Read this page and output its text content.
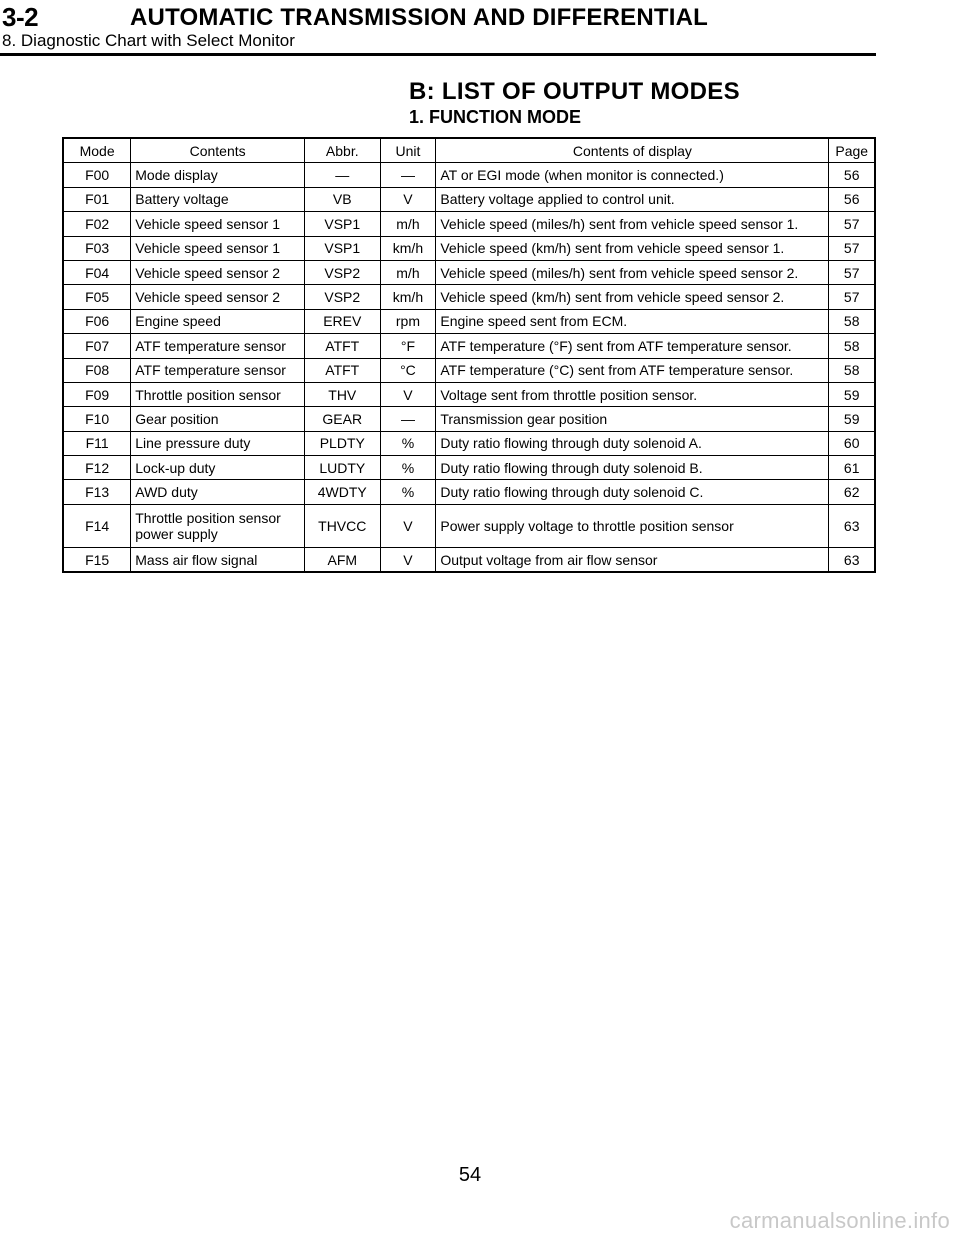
3-2	AUTOMATIC TRANSMISSION AND DIFFERENTIAL
8. Diagnostic Chart with Select Monitor
B: LIST OF OUTPUT MODES
1. FUNCTION MODE
Mode	Contents	Abbr.	Unit	Contents of display	Page
F00	Mode display	—	—	AT or EGI mode (when monitor is connected.)	56
F01	Battery voltage	VB	V	Battery voltage applied to control unit.	56
F02	Vehicle speed sensor 1	VSP1	m/h	Vehicle speed (miles/h) sent from vehicle speed sensor 1.	57
F03	Vehicle speed sensor 1	VSP1	km/h	Vehicle speed (km/h) sent from vehicle speed sensor 1.	57
F04	Vehicle speed sensor 2	VSP2	m/h	Vehicle speed (miles/h) sent from vehicle speed sensor 2.	57
F05	Vehicle speed sensor 2	VSP2	km/h	Vehicle speed (km/h) sent from vehicle speed sensor 2.	57
F06	Engine speed	EREV	rpm	Engine speed sent from ECM.	58
F07	ATF temperature sensor	ATFT	°F	ATF temperature (°F) sent from ATF temperature sensor.	58
F08	ATF temperature sensor	ATFT	°C	ATF temperature (°C) sent from ATF temperature sensor.	58
F09	Throttle position sensor	THV	V	Voltage sent from throttle position sensor.	59
F10	Gear position	GEAR	—	Transmission gear position	59
F11	Line pressure duty	PLDTY	%	Duty ratio flowing through duty solenoid A.	60
F12	Lock-up duty	LUDTY	%	Duty ratio flowing through duty solenoid B.	61
F13	AWD duty	4WDTY	%	Duty ratio flowing through duty solenoid C.	62
F14	Throttle position sensor
power supply	THVCC	V	Power supply voltage to throttle position sensor	63
F15	Mass air flow signal	AFM	V	Output voltage from air flow sensor	63
54
carmanualsonline.info
